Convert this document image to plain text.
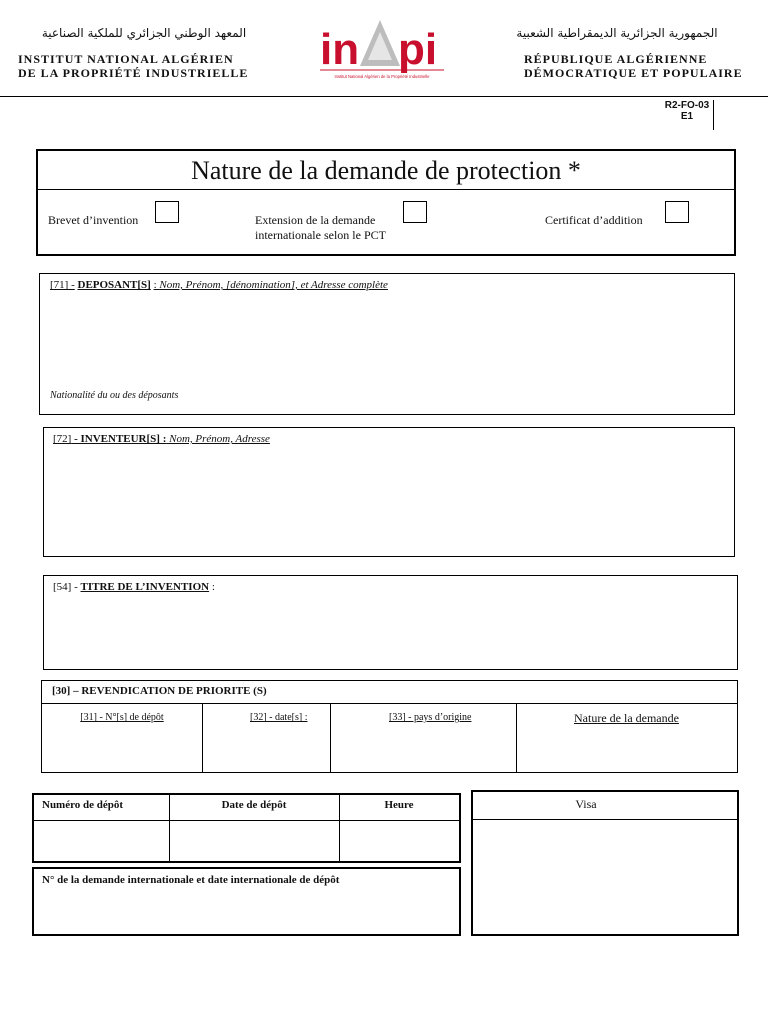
المعهد الوطني الجزائري للملكية الصناعية
INSTITUT NATIONAL ALGÉRIEN
DE LA PROPRIÉTÉ INDUSTRIELLE in pi
Institut National Algérien de la Propriété Industrielle
الجمهورية الجزائرية الديمقراطية الشعبية
RÉPUBLIQUE ALGÉRIENNE
DÉMOCRATIQUE ET POPULAIRE
R2-FO-03
E1
Nature de la demande de protection *
Brevet d’invention	Extension de la demande
internationale selon le PCT
Certificat d’addition
[71] - DEPOSANT[S] : Nom, Prénom, [dénomination], et Adresse complète
Nationalité du ou des déposants
[72] - INVENTEUR[S] : Nom, Prénom, Adresse
[54] - TITRE DE L’INVENTION :
[30] – REVENDICATION DE PRIORITE (S)
[31] - N°[s] de dépôt	[32] - date[s] :	[33] - pays d’origine	Nature de la demande
Numéro de dépôt	Date de dépôt	Heure
N° de la demande internationale et date internationale de dépôt
Visa
